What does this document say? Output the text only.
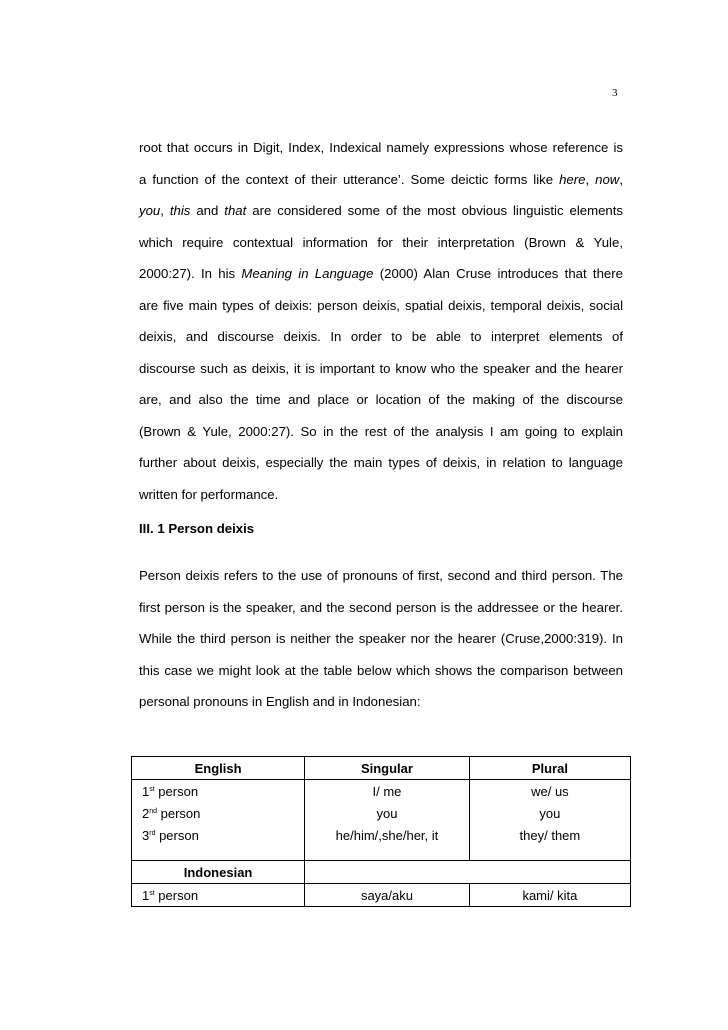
3
root that occurs in Digit, Index, Indexical namely expressions whose reference is
a function of the context of their utterance’. Some deictic forms like here, now,
you, this and that are considered some of the most obvious linguistic elements
which require contextual information for their interpretation (Brown & Yule,
2000:27). In his Meaning in Language (2000) Alan Cruse introduces that there
are five main types of deixis: person deixis, spatial deixis, temporal deixis, social
deixis, and discourse deixis. In order to be able to interpret elements of
discourse such as deixis, it is important to know who the speaker and the hearer
are, and also the time and place or location of the making of the discourse
(Brown & Yule, 2000:27). So in the rest of the analysis I am going to explain
further about deixis, especially the main types of deixis, in relation to language
written for performance.
III. 1 Person deixis
Person deixis refers to the use of pronouns of first, second and third person. The
first person is the speaker, and the second person is the addressee or the hearer.
While the third person is neither the speaker nor the hearer (Cruse,2000:319). In
this case we might look at the table below which shows the comparison between
personal pronouns in English and in Indonesian:
English	Singular	Plural
1st person	I/ me	we/ us
2nd person	you	you
3rd person	he/him/,she/her, it	they/ them

Indonesian		
1st person	saya/aku	kami/ kita
